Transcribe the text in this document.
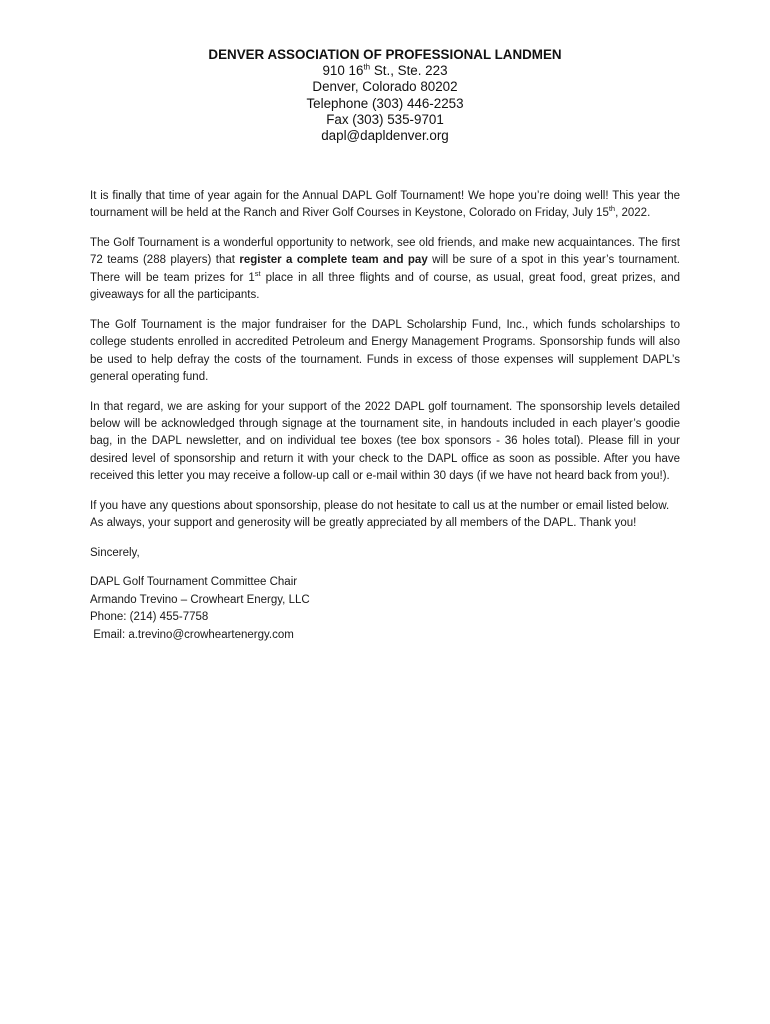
DENVER ASSOCIATION OF PROFESSIONAL LANDMEN
910 16th St., Ste. 223
Denver, Colorado 80202
Telephone (303) 446-2253
Fax (303) 535-9701
dapl@dapldenver.org

It is finally that time of year again for the Annual DAPL Golf Tournament! We hope you’re doing well! This year the tournament will be held at the Ranch and River Golf Courses in Keystone, Colorado on Friday, July 15th, 2022.

The Golf Tournament is a wonderful opportunity to network, see old friends, and make new acquaintances. The first 72 teams (288 players) that register a complete team and pay will be sure of a spot in this year’s tournament. There will be team prizes for 1st place in all three flights and of course, as usual, great food, great prizes, and giveaways for all the participants.

The Golf Tournament is the major fundraiser for the DAPL Scholarship Fund, Inc., which funds scholarships to college students enrolled in accredited Petroleum and Energy Management Programs. Sponsorship funds will also be used to help defray the costs of the tournament. Funds in excess of those expenses will supplement DAPL’s general operating fund.

In that regard, we are asking for your support of the 2022 DAPL golf tournament. The sponsorship levels detailed below will be acknowledged through signage at the tournament site, in handouts included in each player’s goodie bag, in the DAPL newsletter, and on individual tee boxes (tee box sponsors - 36 holes total). Please fill in your desired level of sponsorship and return it with your check to the DAPL office as soon as possible. After you have received this letter you may receive a follow-up call or e-mail within 30 days (if we have not heard back from you!).

If you have any questions about sponsorship, please do not hesitate to call us at the number or email listed below. As always, your support and generosity will be greatly appreciated by all members of the DAPL. Thank you!

Sincerely,

DAPL Golf Tournament Committee Chair

Armando Trevino – Crowheart Energy, LLC

Phone: (214) 455-7758

Email: a.trevino@crowheartenergy.com
